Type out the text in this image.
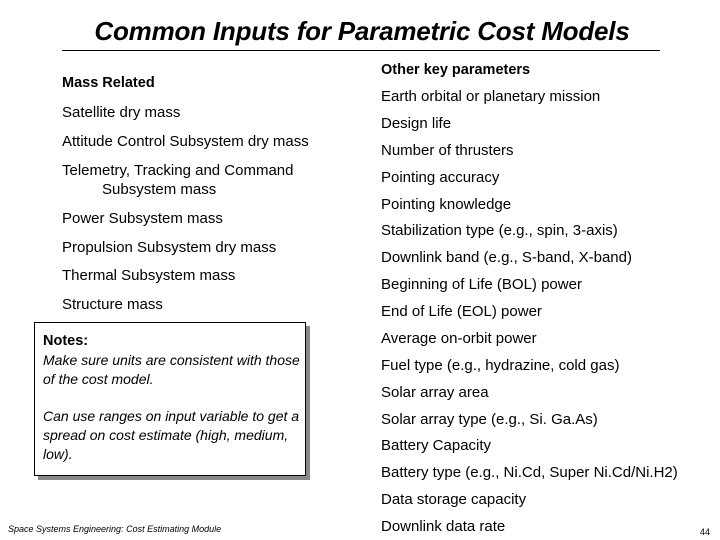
Common Inputs for Parametric Cost Models
Mass Related
Satellite dry mass
Attitude Control Subsystem dry mass
Telemetry, Tracking and Command
Subsystem mass
Power Subsystem mass
Propulsion Subsystem dry mass
Thermal Subsystem mass
Structure mass
Notes:
Make sure units are consistent with those of the cost model.
Can use ranges on input variable to get a spread on cost estimate (high, medium, low).
Other key parameters
Earth orbital or planetary mission
Design life
Number of thrusters
Pointing accuracy
Pointing knowledge
Stabilization type (e.g., spin, 3-axis)
Downlink band (e.g., S-band, X-band)
Beginning of Life (BOL) power
End of Life (EOL) power
Average on-orbit power
Fuel type (e.g., hydrazine, cold gas)
Solar array area
Solar array type (e.g., Si. Ga.As)
Battery Capacity
Battery type (e.g., Ni.Cd, Super Ni.Cd/Ni.H2)
Data storage capacity
Downlink data rate
Space Systems Engineering: Cost Estimating Module	44
